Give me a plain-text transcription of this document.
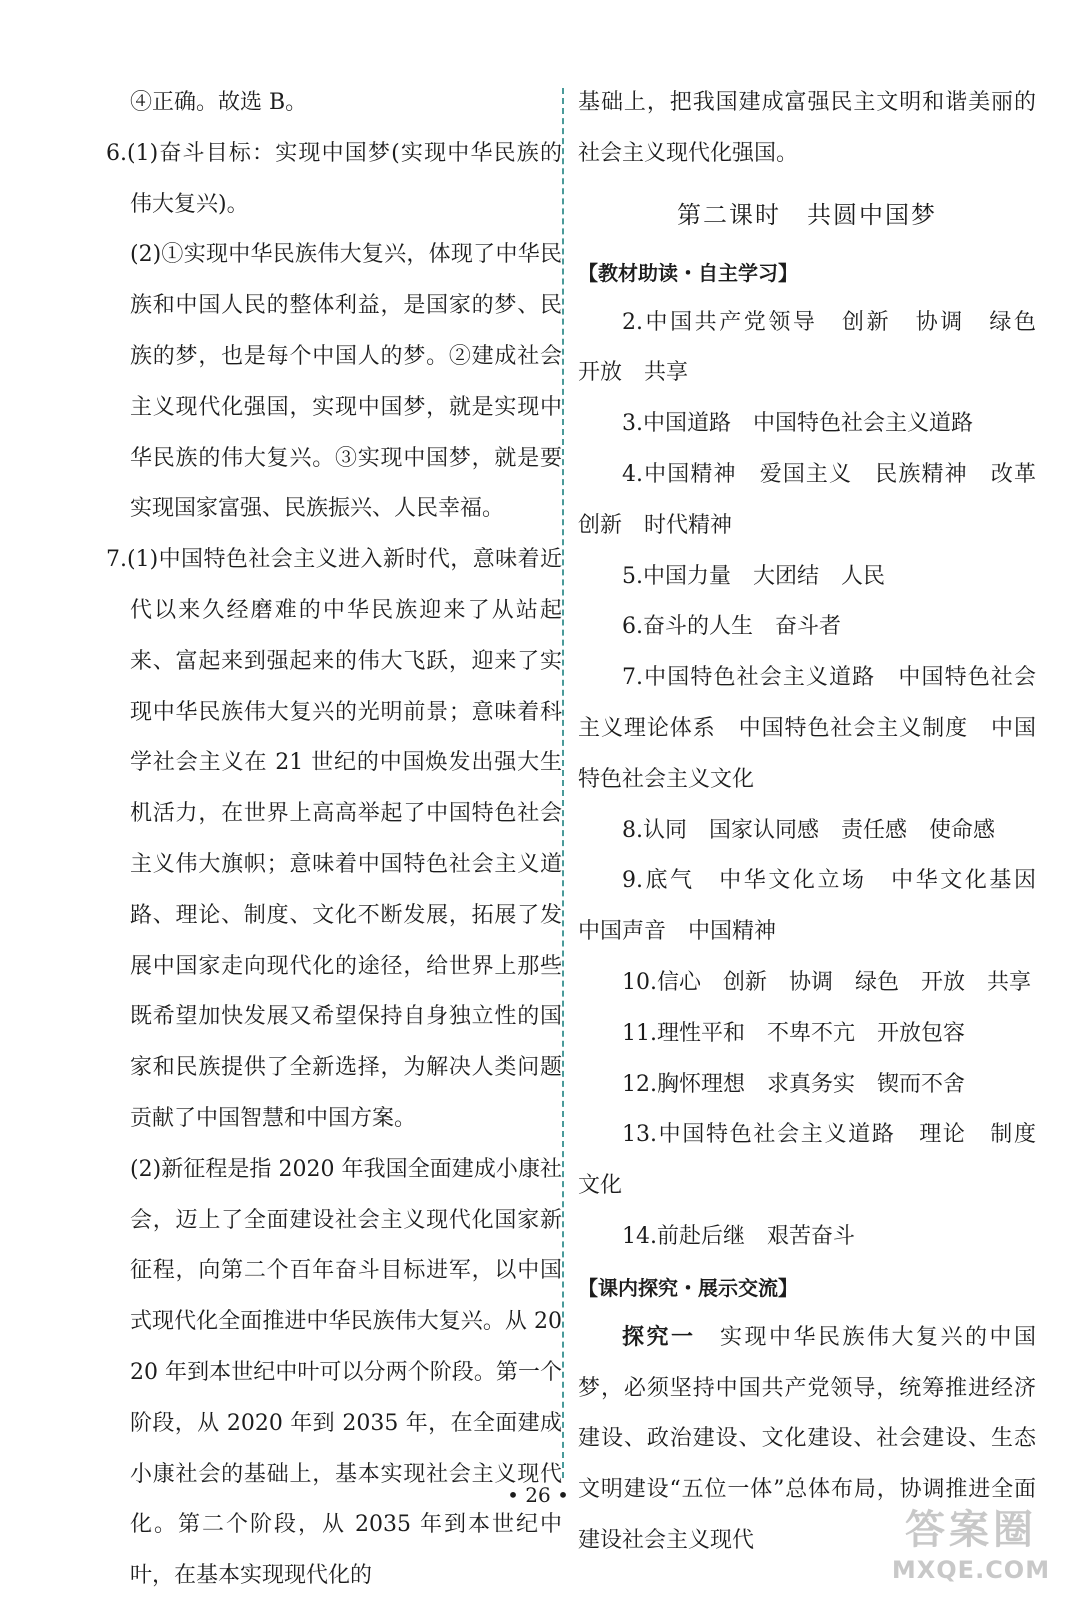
④正确。故选 B。

6.(1)奋斗目标：实现中国梦(实现中华民族的伟大复兴)。

(2)①实现中华民族伟大复兴，体现了中华民族和中国人民的整体利益，是国家的梦、民族的梦，也是每个中国人的梦。②建成社会主义现代化强国，实现中国梦，就是实现中华民族的伟大复兴。③实现中国梦，就是要实现国家富强、民族振兴、人民幸福。

7.(1)中国特色社会主义进入新时代，意味着近代以来久经磨难的中华民族迎来了从站起来、富起来到强起来的伟大飞跃，迎来了实现中华民族伟大复兴的光明前景；意味着科学社会主义在 21 世纪的中国焕发出强大生机活力，在世界上高高举起了中国特色社会主义伟大旗帜；意味着中国特色社会主义道路、理论、制度、文化不断发展，拓展了发展中国家走向现代化的途径，给世界上那些既希望加快发展又希望保持自身独立性的国家和民族提供了全新选择，为解决人类问题贡献了中国智慧和中国方案。

(2)新征程是指 2020 年我国全面建成小康社会，迈上了全面建设社会主义现代化国家新征程，向第二个百年奋斗目标进军，以中国式现代化全面推进中华民族伟大复兴。从 2020 年到本世纪中叶可以分两个阶段。第一个阶段，从 2020 年到 2035 年，在全面建成小康社会的基础上，基本实现社会主义现代化。第二个阶段，从 2035 年到本世纪中叶，在基本实现现代化的

基础上，把我国建成富强民主文明和谐美丽的社会主义现代化强国。

第二课时　共圆中国梦

【教材助读・自主学习】

2.中国共产党领导　创新　协调　绿色　开放　共享

3.中国道路　中国特色社会主义道路

4.中国精神　爱国主义　民族精神　改革创新　时代精神

5.中国力量　大团结　人民

6.奋斗的人生　奋斗者

7.中国特色社会主义道路　中国特色社会主义理论体系　中国特色社会主义制度　中国特色社会主义文化

8.认同　国家认同感　责任感　使命感

9.底气　中华文化立场　中华文化基因　中国声音　中国精神

10.信心　创新　协调　绿色　开放　共享

11.理性平和　不卑不亢　开放包容

12.胸怀理想　求真务实　锲而不舍

13.中国特色社会主义道路　理论　制度　文化

14.前赴后继　艰苦奋斗

【课内探究・展示交流】

探究一　 实现中华民族伟大复兴的中国梦，必须坚持中国共产党领导，统筹推进经济建设、政治建设、文化建设、社会建设、生态文明建设“五位一体”总体布局，协调推进全面建设社会主义现代

• 26 •
答案圈
MXQE.COM
